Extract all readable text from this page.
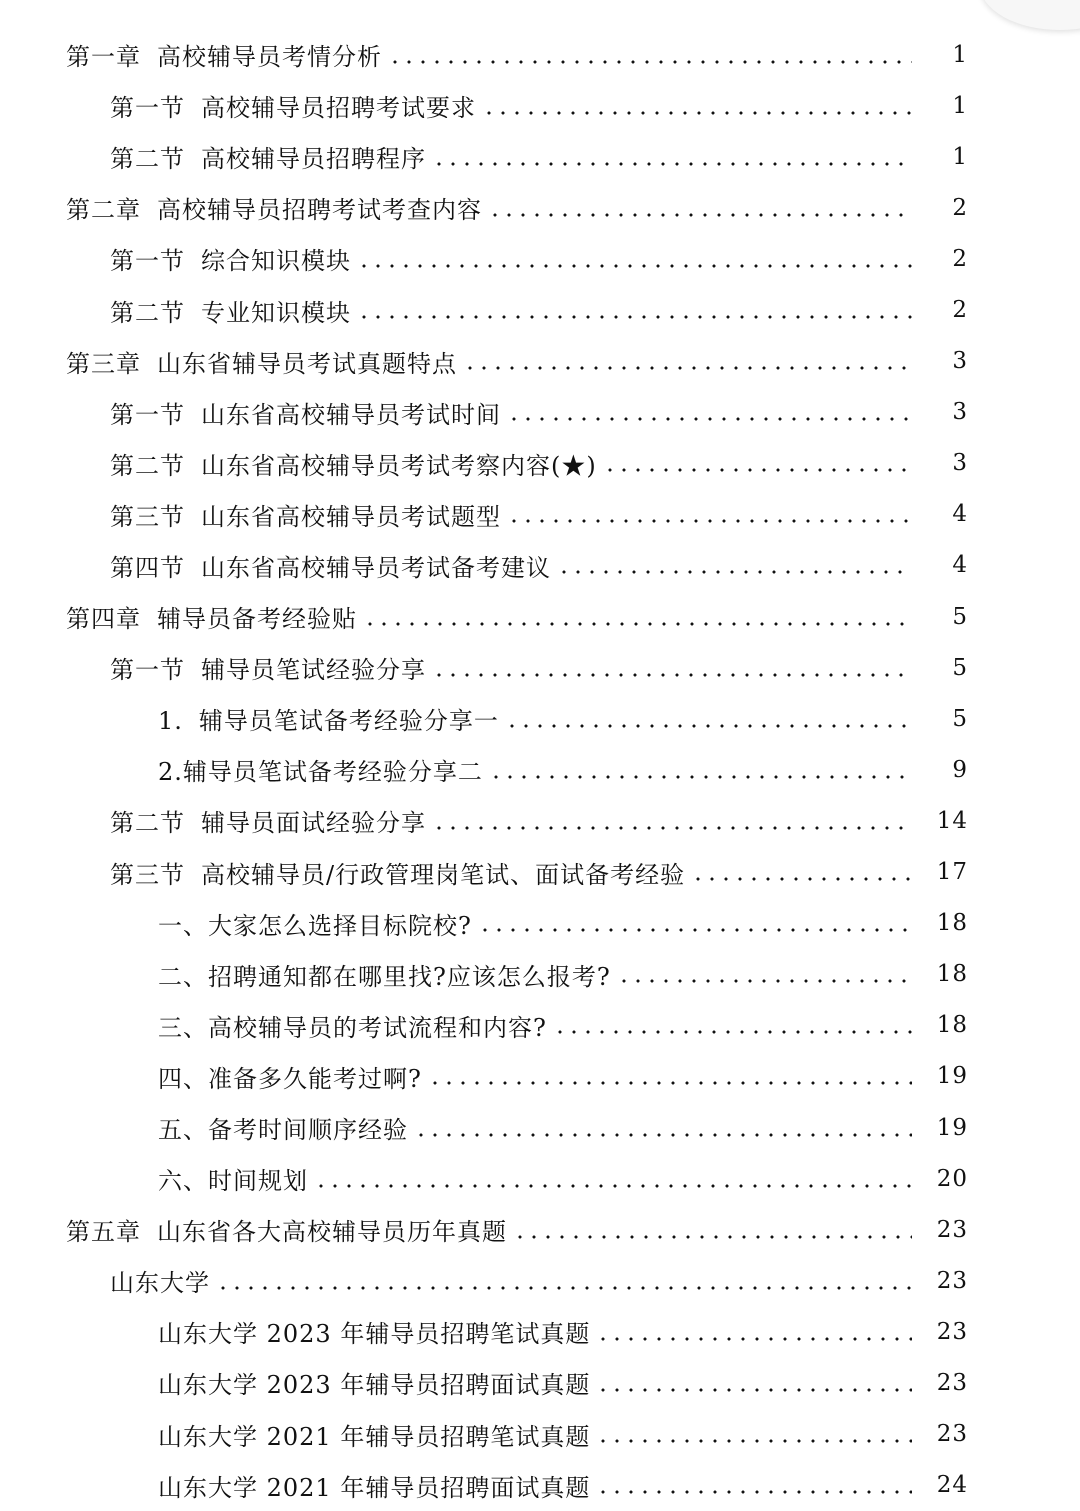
第一章 高校辅导员考情分析	1
第一节 高校辅导员招聘考试要求	1
第二节 高校辅导员招聘程序	1
第二章 高校辅导员招聘考试考查内容	2
第一节 综合知识模块	2
第二节 专业知识模块	2
第三章 山东省辅导员考试真题特点	3
第一节 山东省高校辅导员考试时间	3
第二节 山东省高校辅导员考试考察内容(★)	3
第三节 山东省高校辅导员考试题型	4
第四节 山东省高校辅导员考试备考建议	4
第四章 辅导员备考经验贴	5
第一节 辅导员笔试经验分享	5
1. 辅导员笔试备考经验分享一	5
2.辅导员笔试备考经验分享二	9
第二节 辅导员面试经验分享	14
第三节 高校辅导员/行政管理岗笔试、面试备考经验	17
一、大家怎么选择目标院校?	18
二、招聘通知都在哪里找?应该怎么报考?	18
三、高校辅导员的考试流程和内容?	18
四、准备多久能考过啊?	19
五、备考时间顺序经验	19
六、时间规划	20
第五章 山东省各大高校辅导员历年真题	23
山东大学	23
山东大学 2023 年辅导员招聘笔试真题	23
山东大学 2023 年辅导员招聘面试真题	23
山东大学 2021 年辅导员招聘笔试真题	23
山东大学 2021 年辅导员招聘面试真题	24
